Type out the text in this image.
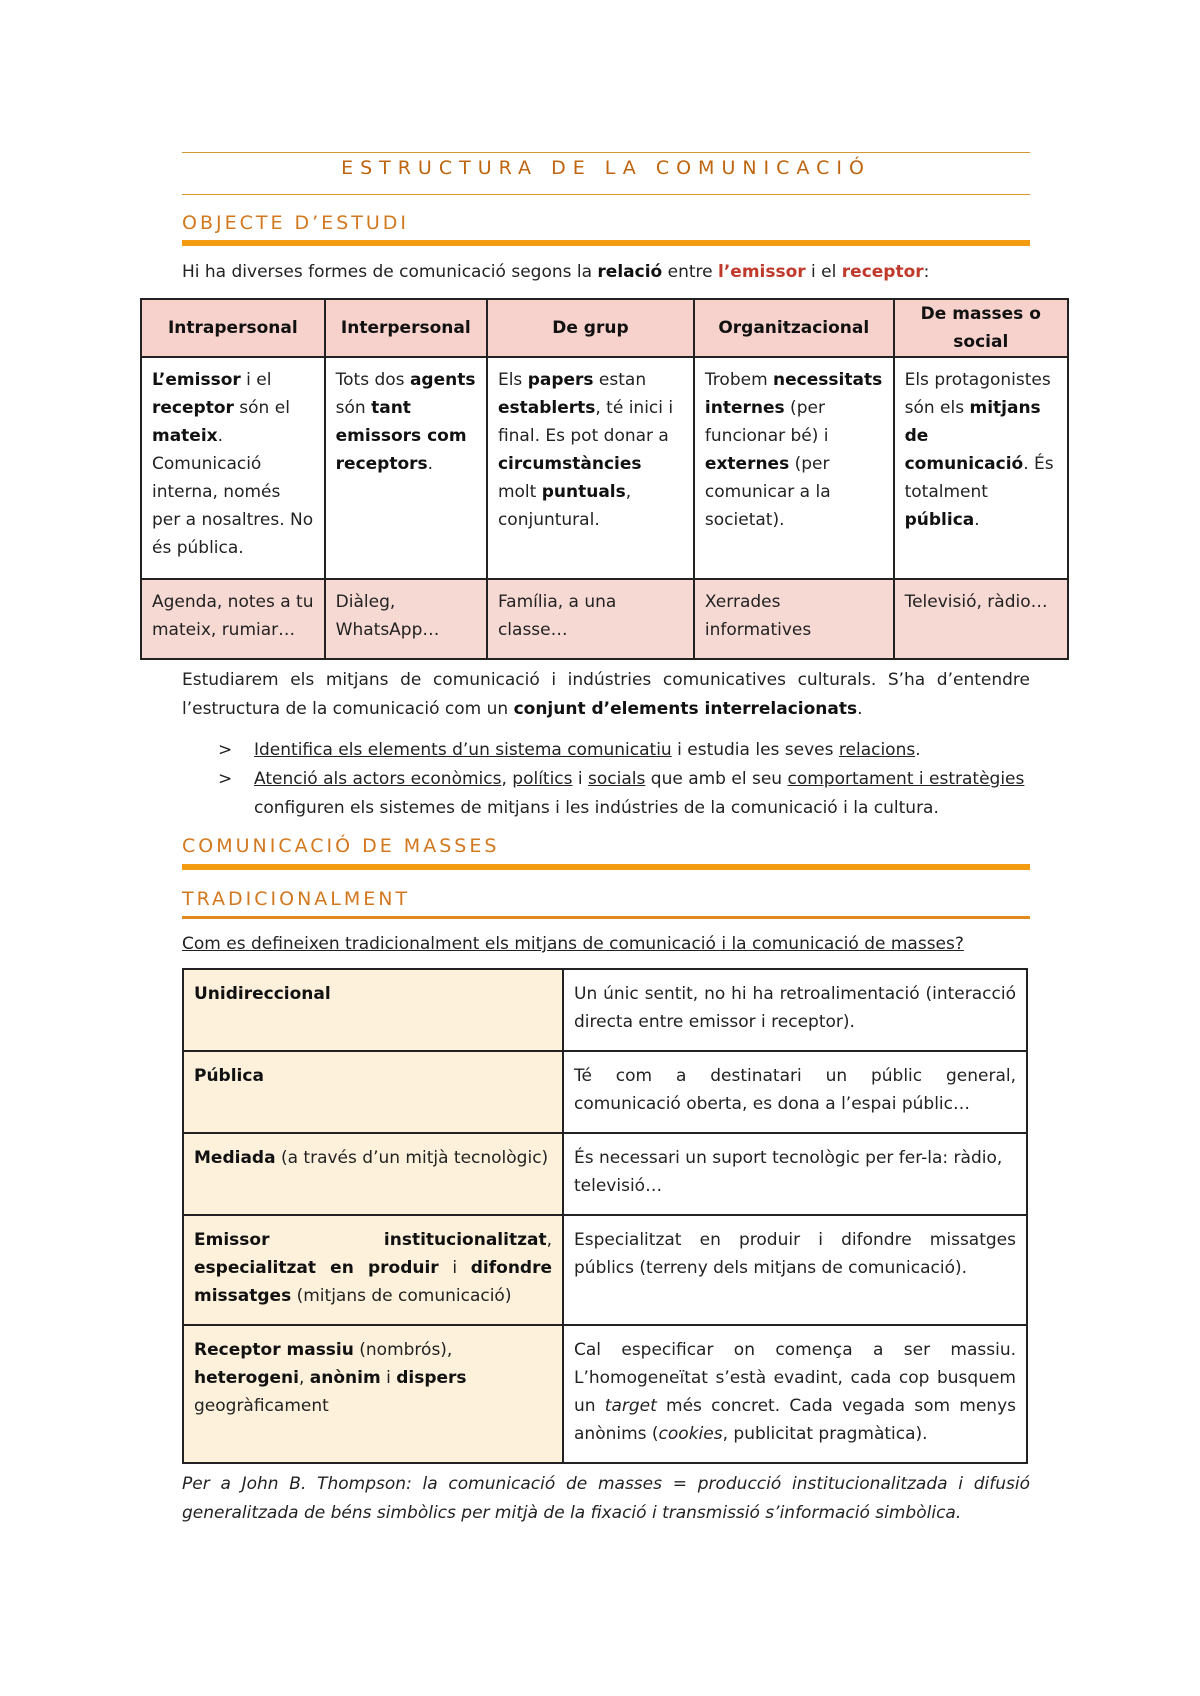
ESTRUCTURA DE LA COMUNICACIÓ
OBJECTE D’ESTUDI
Hi ha diverses formes de comunicació segons la relació entre l’emissor i el receptor:
Intrapersonal	Interpersonal	De grup	Organitzacional	De masses o social
L’emissor i el receptor són el mateix. Comunicació interna, només per a nosaltres. No és pública.	Tots dos agents són tant emissors com receptors.	Els papers estan establerts, té inici i final. Es pot donar a circumstàncies molt puntuals, conjuntural.	Trobem necessitats internes (per funcionar bé) i externes (per comunicar a la societat).	Els protagonistes són els mitjans de comunicació. És totalment pública.
Agenda, notes a tu mateix, rumiar…	Diàleg, WhatsApp…	Família, a una classe…	Xerrades informatives	Televisió, ràdio…
Estudiarem els mitjans de comunicació i indústries comunicatives culturals. S’ha d’entendre
l’estructura de la comunicació com un conjunt d’elements interrelacionats.
> Identifica els elements d’un sistema comunicatiu i estudia les seves relacions.
> Atenció als actors econòmics, polítics i socials que amb el seu comportament i estratègies configuren els sistemes de mitjans i les indústries de la comunicació i la cultura.
COMUNICACIÓ DE MASSES
TRADICIONALMENT
Com es defineixen tradicionalment els mitjans de comunicació i la comunicació de masses?
Unidireccional	Un únic sentit, no hi ha retroalimentació (interacció directa entre emissor i receptor).
Pública	Té com a destinatari un públic general, comunicació oberta, es dona a l’espai públic…
Mediada (a través d’un mitjà tecnològic)	És necessari un suport tecnològic per fer-la: ràdio, televisió…
Emissor institucionalitzat, especialitzat en produir i difondre missatges (mitjans de comunicació)	Especialitzat en produir i difondre missatges públics (terreny dels mitjans de comunicació).
Receptor massiu (nombrós), heterogeni, anònim i dispers geogràficament	Cal especificar on comença a ser massiu. L’homogeneïtat s’està evadint, cada cop busquem un target més concret. Cada vegada som menys anònims (cookies, publicitat pragmàtica).
Per a John B. Thompson: la comunicació de masses = producció institucionalitzada i difusió generalitzada de béns simbòlics per mitjà de la fixació i transmissió s’informació simbòlica.
